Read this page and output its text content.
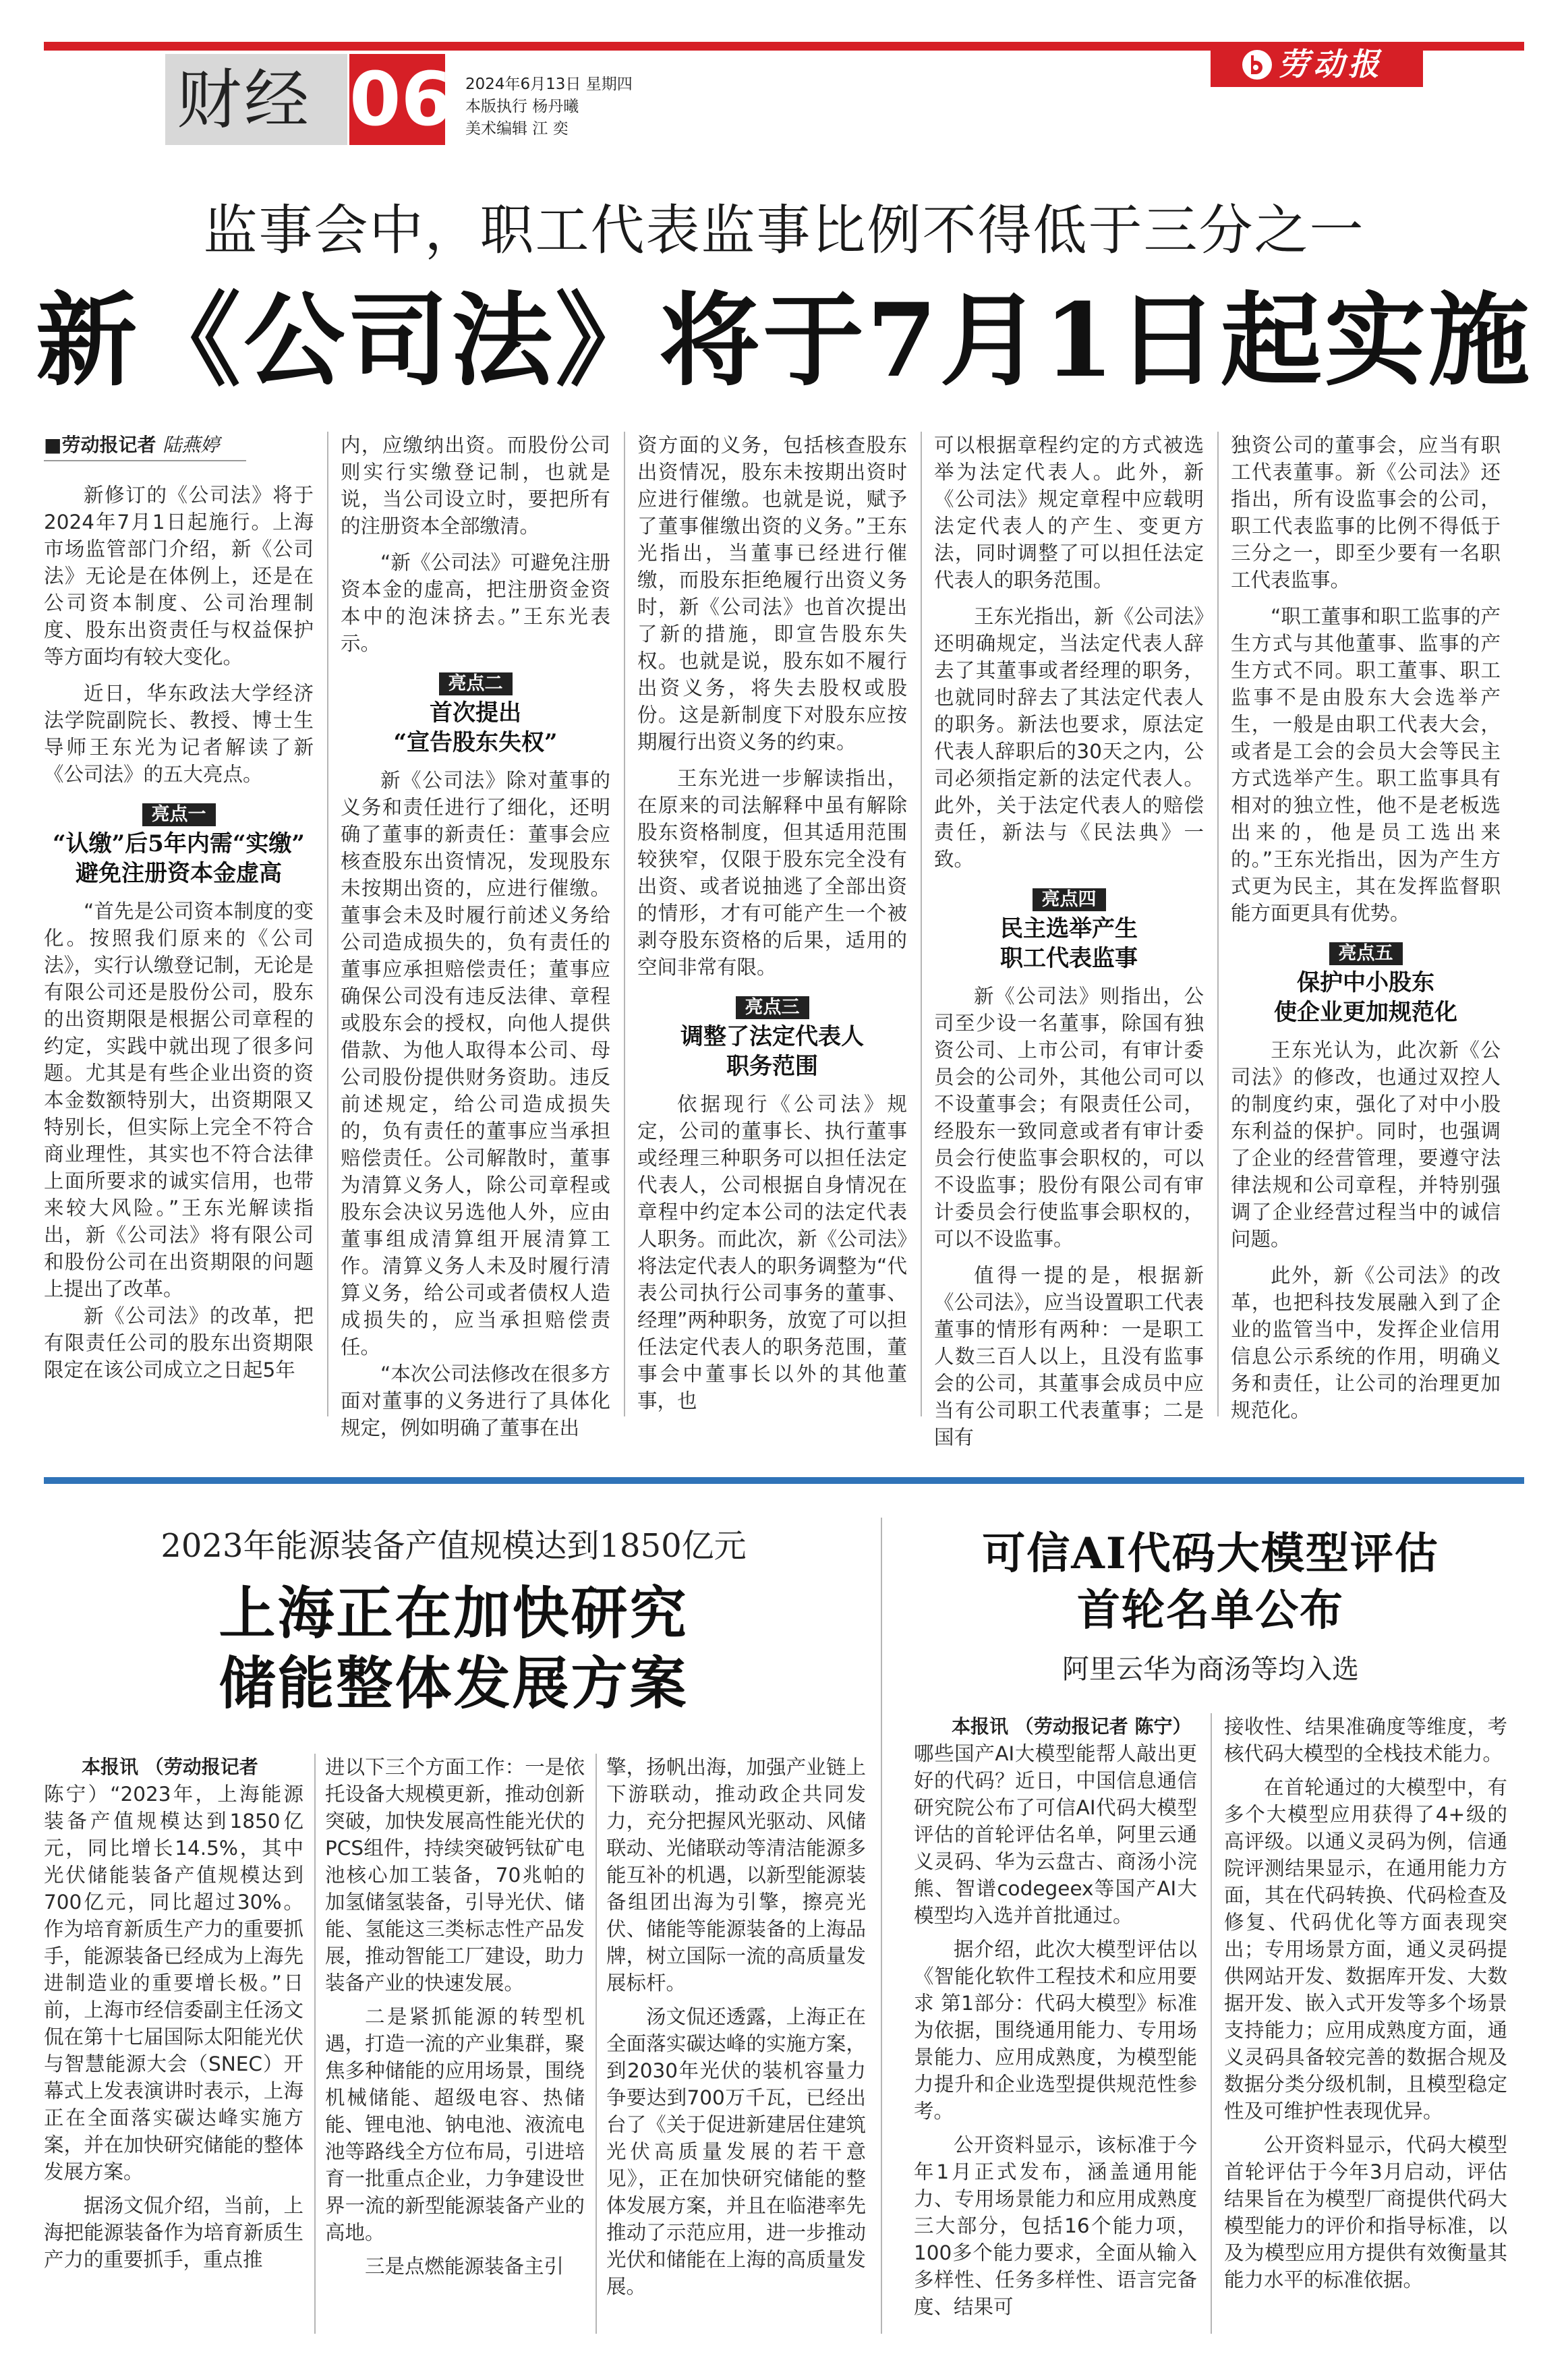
财经 06 2024年6月13日 星期四
本版执行 杨丹曦
美术编辑 江 奕
劳动报
监事会中，职工代表监事比例不得低于三分之一
新《公司法》将于7月1日起实施
■劳动报记者 陆燕婷

新修订的《公司法》将于2024年7月1日起施行。上海市场监管部门介绍，新《公司法》无论是在体例上，还是在公司资本制度、公司治理制度、股东出资责任与权益保护等方面均有较大变化。

近日，华东政法大学经济法学院副院长、教授、博士生导师王东光为记者解读了新《公司法》的五大亮点。

亮点一
“认缴”后5年内需“实缴”
避免注册资本金虚高

“首先是公司资本制度的变化。按照我们原来的《公司法》，实行认缴登记制，无论是有限公司还是股份公司，股东的出资期限是根据公司章程的约定，实践中就出现了很多问题。尤其是有些企业出资的资本金数额特别大，出资期限又特别长，但实际上完全不符合商业理性，其实也不符合法律上面所要求的诚实信用，也带来较大风险。”王东光解读指出，新《公司法》将有限公司和股份公司在出资期限的问题上提出了改革。

新《公司法》的改革，把有限责任公司的股东出资期限限定在该公司成立之日起5年

内，应缴纳出资。而股份公司则实行实缴登记制，也就是说，当公司设立时，要把所有的注册资本全部缴清。

“新《公司法》可避免注册资本金的虚高，把注册资金资本中的泡沫挤去。”王东光表示。

亮点二
首次提出
“宣告股东失权”

新《公司法》除对董事的义务和责任进行了细化，还明确了董事的新责任：董事会应核查股东出资情况，发现股东未按期出资的，应进行催缴。董事会未及时履行前述义务给公司造成损失的，负有责任的董事应承担赔偿责任；董事应确保公司没有违反法律、章程或股东会的授权，向他人提供借款、为他人取得本公司、母公司股份提供财务资助。违反前述规定，给公司造成损失的，负有责任的董事应当承担赔偿责任。公司解散时，董事为清算义务人，除公司章程或股东会决议另选他人外，应由董事组成清算组开展清算工作。清算义务人未及时履行清算义务，给公司或者债权人造成损失的，应当承担赔偿责任。

“本次公司法修改在很多方面对董事的义务进行了具体化规定，例如明确了董事在出

资方面的义务，包括核查股东出资情况，股东未按期出资时应进行催缴。也就是说，赋予了董事催缴出资的义务。”王东光指出，当董事已经进行催缴，而股东拒绝履行出资义务时，新《公司法》也首次提出了新的措施，即宣告股东失权。也就是说，股东如不履行出资义务，将失去股权或股份。这是新制度下对股东应按期履行出资义务的约束。

王东光进一步解读指出，在原来的司法解释中虽有解除股东资格制度，但其适用范围较狭窄，仅限于股东完全没有出资、或者说抽逃了全部出资的情形，才有可能产生一个被剥夺股东资格的后果，适用的空间非常有限。

亮点三
调整了法定代表人
职务范围

依据现行《公司法》规定，公司的董事长、执行董事或经理三种职务可以担任法定代表人，公司根据自身情况在章程中约定本公司的法定代表人职务。而此次，新《公司法》将法定代表人的职务调整为“代表公司执行公司事务的董事、经理”两种职务，放宽了可以担任法定代表人的职务范围，董事会中董事长以外的其他董事，也

可以根据章程约定的方式被选举为法定代表人。此外，新《公司法》规定章程中应载明法定代表人的产生、变更方法，同时调整了可以担任法定代表人的职务范围。

王东光指出，新《公司法》还明确规定，当法定代表人辞去了其董事或者经理的职务，也就同时辞去了其法定代表人的职务。新法也要求，原法定代表人辞职后的30天之内，公司必须指定新的法定代表人。此外，关于法定代表人的赔偿责任，新法与《民法典》一致。

亮点四
民主选举产生
职工代表监事

新《公司法》则指出，公司至少设一名董事，除国有独资公司、上市公司，有审计委员会的公司外，其他公司可以不设董事会；有限责任公司，经股东一致同意或者有审计委员会行使监事会职权的，可以不设监事；股份有限公司有审计委员会行使监事会职权的，可以不设监事。

值得一提的是，根据新《公司法》，应当设置职工代表董事的情形有两种：一是职工人数三百人以上，且没有监事会的公司，其董事会成员中应当有公司职工代表董事；二是国有

独资公司的董事会，应当有职工代表董事。新《公司法》还指出，所有设监事会的公司，职工代表监事的比例不得低于三分之一，即至少要有一名职工代表监事。

“职工董事和职工监事的产生方式与其他董事、监事的产生方式不同。职工董事、职工监事不是由股东大会选举产生，一般是由职工代表大会，或者是工会的会员大会等民主方式选举产生。职工监事具有相对的独立性，他不是老板选出来的，他是员工选出来的。”王东光指出，因为产生方式更为民主，其在发挥监督职能方面更具有优势。

亮点五
保护中小股东
使企业更加规范化

王东光认为，此次新《公司法》的修改，也通过双控人的制度约束，强化了对中小股东利益的保护。同时，也强调了企业的经营管理，要遵守法律法规和公司章程，并特别强调了企业经营过程当中的诚信问题。

此外，新《公司法》的改革，也把科技发展融入到了企业的监管当中，发挥企业信用信息公示系统的作用，明确义务和责任，让公司的治理更加规范化。

2023年能源装备产值规模达到1850亿元
上海正在加快研究
储能整体发展方案

本报讯 （劳动报记者

陈宁）“2023年，上海能源装备产值规模达到1850亿元，同比增长14.5%，其中光伏储能装备产值规模达到700亿元，同比超过30%。作为培育新质生产力的重要抓手，能源装备已经成为上海先进制造业的重要增长极。”日前，上海市经信委副主任汤文侃在第十七届国际太阳能光伏与智慧能源大会（SNEC）开幕式上发表演讲时表示，上海正在全面落实碳达峰实施方案，并在加快研究储能的整体发展方案。

据汤文侃介绍，当前，上海把能源装备作为培育新质生产力的重要抓手，重点推

进以下三个方面工作：一是依托设备大规模更新，推动创新突破，加快发展高性能光伏的PCS组件，持续突破钙钛矿电池核心加工装备，70兆帕的加氢储氢装备，引导光伏、储能、氢能这三类标志性产品发展，推动智能工厂建设，助力装备产业的快速发展。

二是紧抓能源的转型机遇，打造一流的产业集群，聚焦多种储能的应用场景，围绕机械储能、超级电容、热储能、锂电池、钠电池、液流电池等路线全方位布局，引进培育一批重点企业，力争建设世界一流的新型能源装备产业的高地。

三是点燃能源装备主引

擎，扬帆出海，加强产业链上下游联动，推动政企共同发力，充分把握风光驱动、风储联动、光储联动等清洁能源多能互补的机遇，以新型能源装备组团出海为引擎，擦亮光伏、储能等能源装备的上海品牌，树立国际一流的高质量发展标杆。

汤文侃还透露，上海正在全面落实碳达峰的实施方案，到2030年光伏的装机容量力争要达到700万千瓦，已经出台了《关于促进新建居住建筑光伏高质量发展的若干意见》，正在加快研究储能的整体发展方案，并且在临港率先推动了示范应用，进一步推动光伏和储能在上海的高质量发展。

可信AI代码大模型评估
首轮名单公布
阿里云华为商汤等均入选

本报讯 （劳动报记者 陈宁）

哪些国产AI大模型能帮人敲出更好的代码？近日，中国信息通信研究院公布了可信AI代码大模型评估的首轮评估名单，阿里云通义灵码、华为云盘古、商汤小浣熊、智谱codegeex等国产AI大模型均入选并首批通过。

据介绍，此次大模型评估以《智能化软件工程技术和应用要求 第1部分：代码大模型》标准为依据，围绕通用能力、专用场景能力、应用成熟度，为模型能力提升和企业选型提供规范性参考。

公开资料显示，该标准于今年1月正式发布，涵盖通用能力、专用场景能力和应用成熟度三大部分，包括16个能力项，100多个能力要求，全面从输入多样性、任务多样性、语言完备度、结果可

接收性、结果准确度等维度，考核代码大模型的全栈技术能力。

在首轮通过的大模型中，有多个大模型应用获得了4+级的高评级。以通义灵码为例，信通院评测结果显示，在通用能力方面，其在代码转换、代码检查及修复、代码优化等方面表现突出；专用场景方面，通义灵码提供网站开发、数据库开发、大数据开发、嵌入式开发等多个场景支持能力；应用成熟度方面，通义灵码具备较完善的数据合规及数据分类分级机制，且模型稳定性及可维护性表现优异。

公开资料显示，代码大模型首轮评估于今年3月启动，评估结果旨在为模型厂商提供代码大模型能力的评价和指导标准，以及为模型应用方提供有效衡量其能力水平的标准依据。
